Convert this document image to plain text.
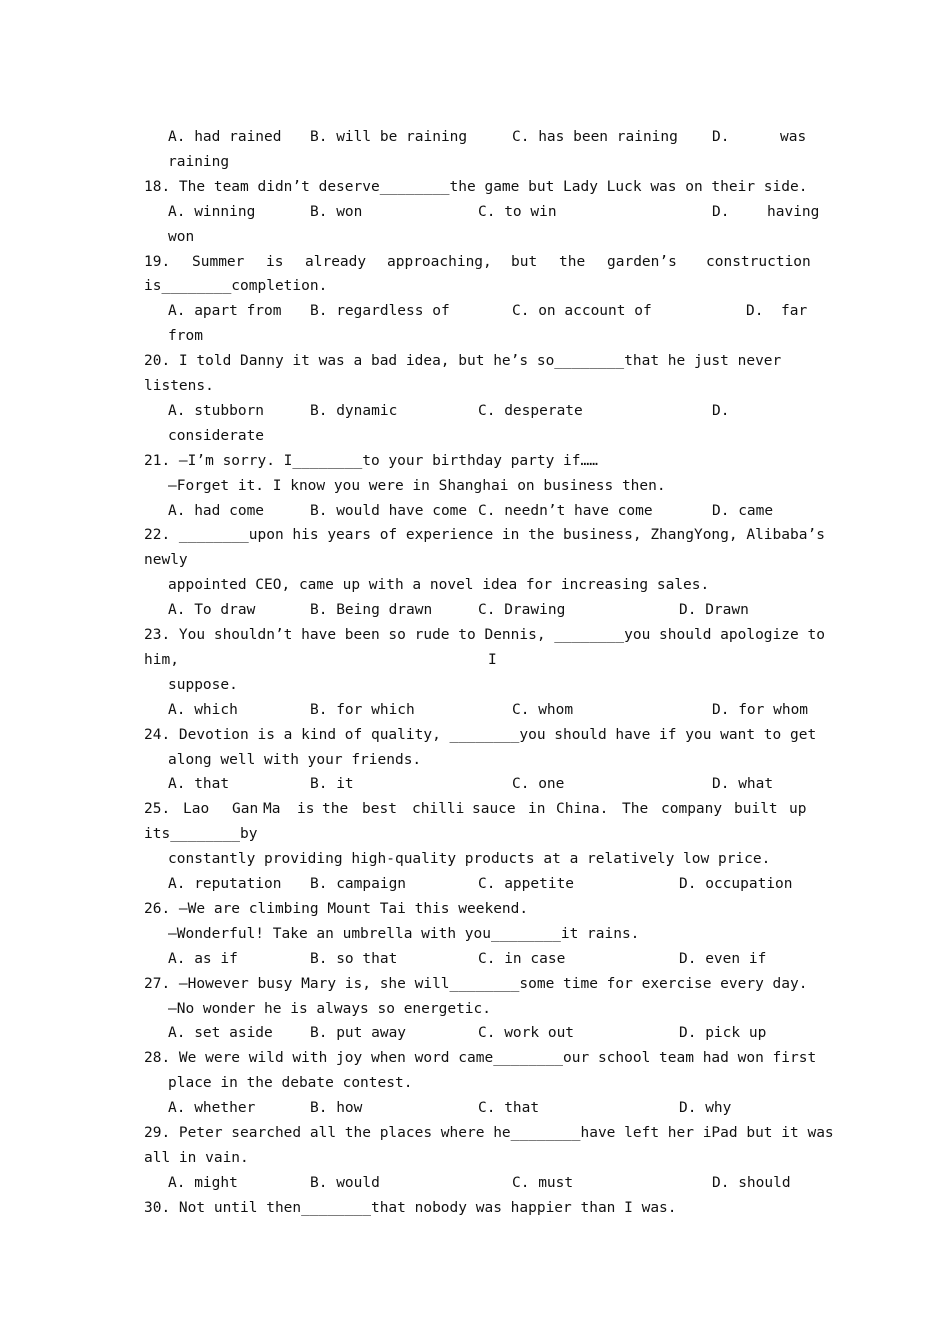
A. had rained B. will be raining	C. has been raining D.	was
raining
18. The team didn’t deserve________the game but Lady Luck was on their side.
A. winning	B. won	C. to win	D.	having
won
19. Summer is already approaching, but the garden’s construction
is________completion.
A. apart from B. regardless of	C. on account of	D. far
from
20. I told Danny it was a bad idea, but he’s so________that he just never
listens.
A. stubborn	B. dynamic	C. desperate	D.
considerate
21. —I’m sorry. I________to your birthday party if……
—Forget it. I know you were in Shanghai on business then.
A. had come	B. would have come C. needn’t have come	D. came
22. ________upon his years of experience in the business, ZhangYong, Alibaba’s
newly
appointed CEO, came up with a novel idea for increasing sales.
A. To draw	B. Being drawn	C. Drawing	D. Drawn
23. You shouldn’t have been so rude to Dennis, ________you should apologize to
him,	I
suppose.
A. which	B. for which	C. whom	D. for whom
24. Devotion is a kind of quality, ________you should have if you want to get
along well with your friends.
A. that	B. it	C. one	D. what
25. Lao Gan Ma is the best chilli sauce in China. The company built up
its________by
constantly providing high-quality products at a relatively low price.
A. reputation B. campaign	C. appetite	D. occupation
26. —We are climbing Mount Tai this weekend.
—Wonderful! Take an umbrella with you________it rains.
A. as if	B. so that	C. in case	D. even if
27. —However busy Mary is, she will________some time for exercise every day.
—No wonder he is always so energetic.
A. set aside	B. put away	C. work out	D. pick up
28. We were wild with joy when word came________our school team had won first
place in the debate contest.
A. whether	B. how	C. that	D. why
29. Peter searched all the places where he________have left her iPad but it was
all in vain.
A. might	B. would	C. must	D. should
30. Not until then________that nobody was happier than I was.
